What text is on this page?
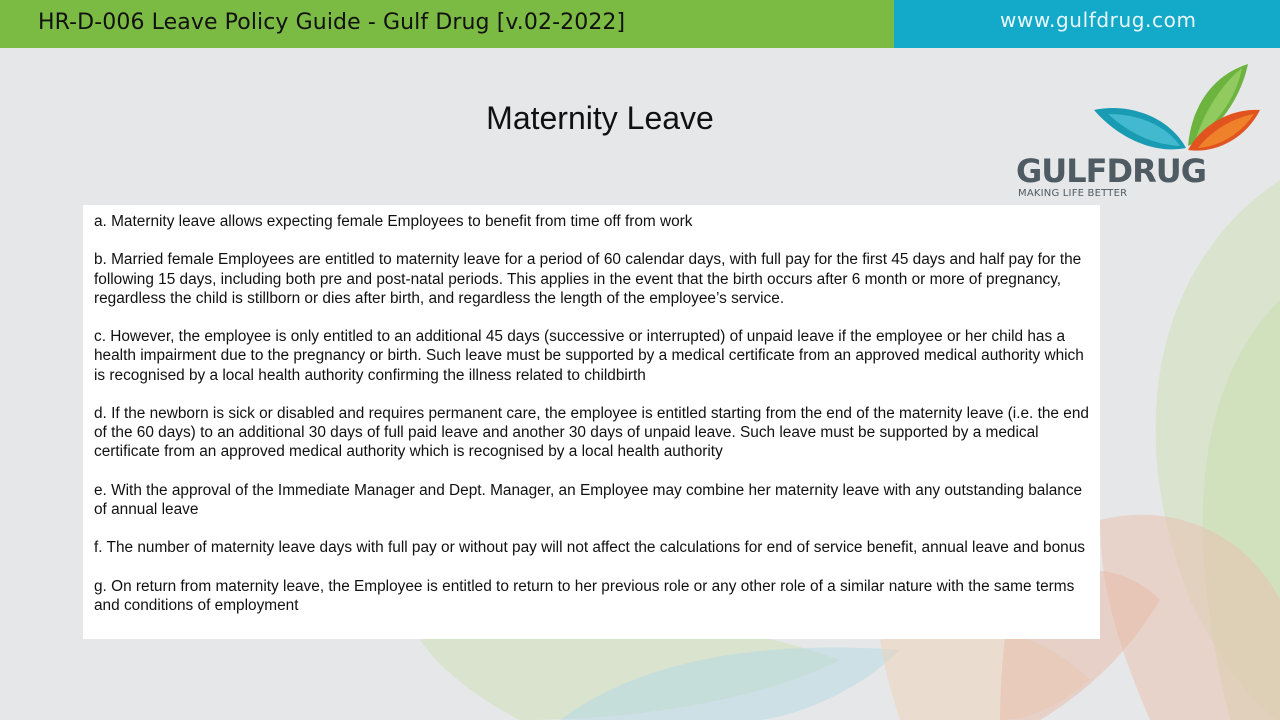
HR-D-006 Leave Policy Guide - Gulf Drug [v.02-2022]	www.gulfdrug.com
Maternity Leave
GULFDRUG
MAKING LIFE BETTER

a. Maternity leave allows expecting female Employees to benefit from time off from work

b. Married female Employees are entitled to maternity leave for a period of 60 calendar days, with full pay for the first 45 days and half pay for the following 15 days, including both pre and post-natal periods. This applies in the event that the birth occurs after 6 month or more of pregnancy, regardless the child is stillborn or dies after birth, and regardless the length of the employee’s service.

c. However, the employee is only entitled to an additional 45 days (successive or interrupted) of unpaid leave if the employee or her child has a health impairment due to the pregnancy or birth. Such leave must be supported by a medical certificate from an approved medical authority which is recognised by a local health authority confirming the illness related to childbirth

d. If the newborn is sick or disabled and requires permanent care, the employee is entitled starting from the end of the maternity leave (i.e. the end of the 60 days) to an additional 30 days of full paid leave and another 30 days of unpaid leave. Such leave must be supported by a medical certificate from an approved medical authority which is recognised by a local health authority

e. With the approval of the Immediate Manager and Dept. Manager, an Employee may combine her maternity leave with any outstanding balance of annual leave

f. The number of maternity leave days with full pay or without pay will not affect the calculations for end of service benefit, annual leave and bonus

g. On return from maternity leave, the Employee is entitled to return to her previous role or any other role of a similar nature with the same terms and conditions of employment
